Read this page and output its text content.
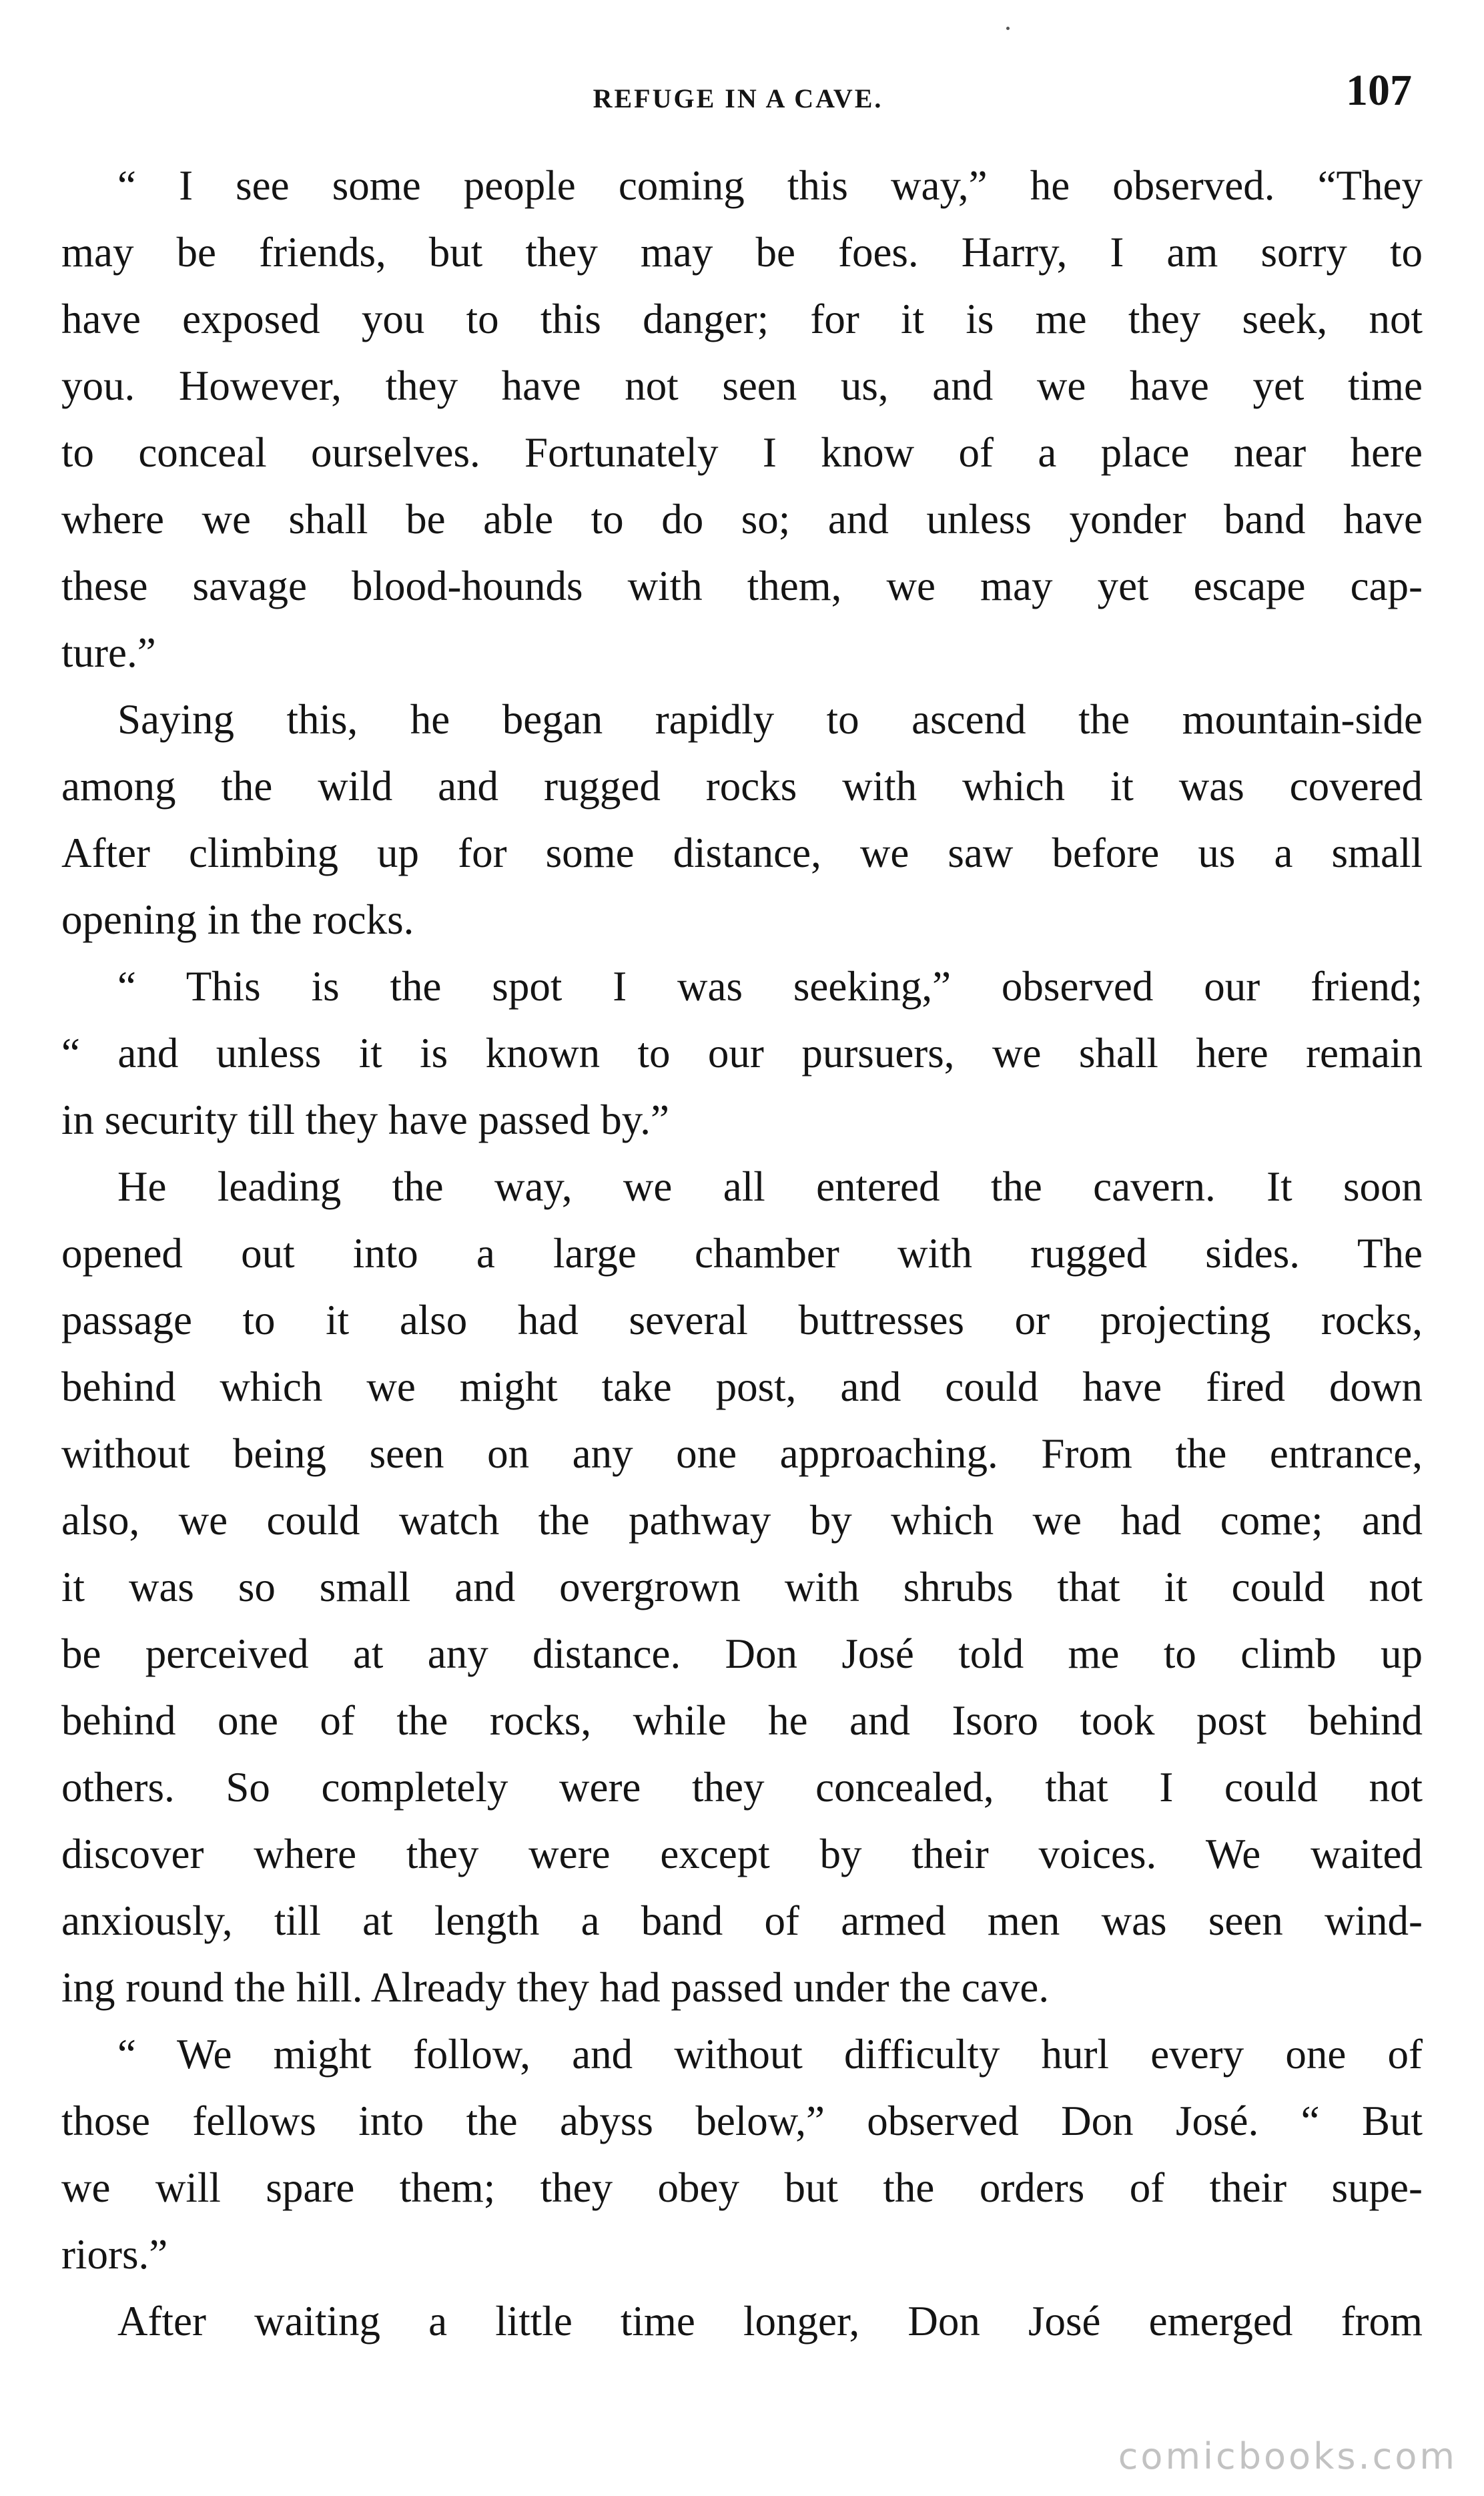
REFUGE IN A CAVE.	107
“ I see some people coming this way,” he observed. “They
may be friends, but they may be foes. Harry, I am sorry to
have exposed you to this danger; for it is me they seek, not
you. However, they have not seen us, and we have yet time
to conceal ourselves. Fortunately I know of a place near here
where we shall be able to do so; and unless yonder band have
these savage blood-hounds with them, we may yet escape cap-
ture.”
Saying this, he began rapidly to ascend the mountain-side
among the wild and rugged rocks with which it was covered
After climbing up for some distance, we saw before us a small
opening in the rocks.
“ This is the spot I was seeking,” observed our friend;
“ and unless it is known to our pursuers, we shall here remain
in security till they have passed by.”
He leading the way, we all entered the cavern. It soon
opened out into a large chamber with rugged sides. The
passage to it also had several buttresses or projecting rocks,
behind which we might take post, and could have fired down
without being seen on any one approaching. From the entrance,
also, we could watch the pathway by which we had come; and
it was so small and overgrown with shrubs that it could not
be perceived at any distance. Don José told me to climb up
behind one of the rocks, while he and Isoro took post behind
others. So completely were they concealed, that I could not
discover where they were except by their voices. We waited
anxiously, till at length a band of armed men was seen wind-
ing round the hill. Already they had passed under the cave.
“ We might follow, and without difficulty hurl every one of
those fellows into the abyss below,” observed Don José. “ But
we will spare them; they obey but the orders of their supe-
riors.”
After waiting a little time longer, Don José emerged from
comicbooks.com
